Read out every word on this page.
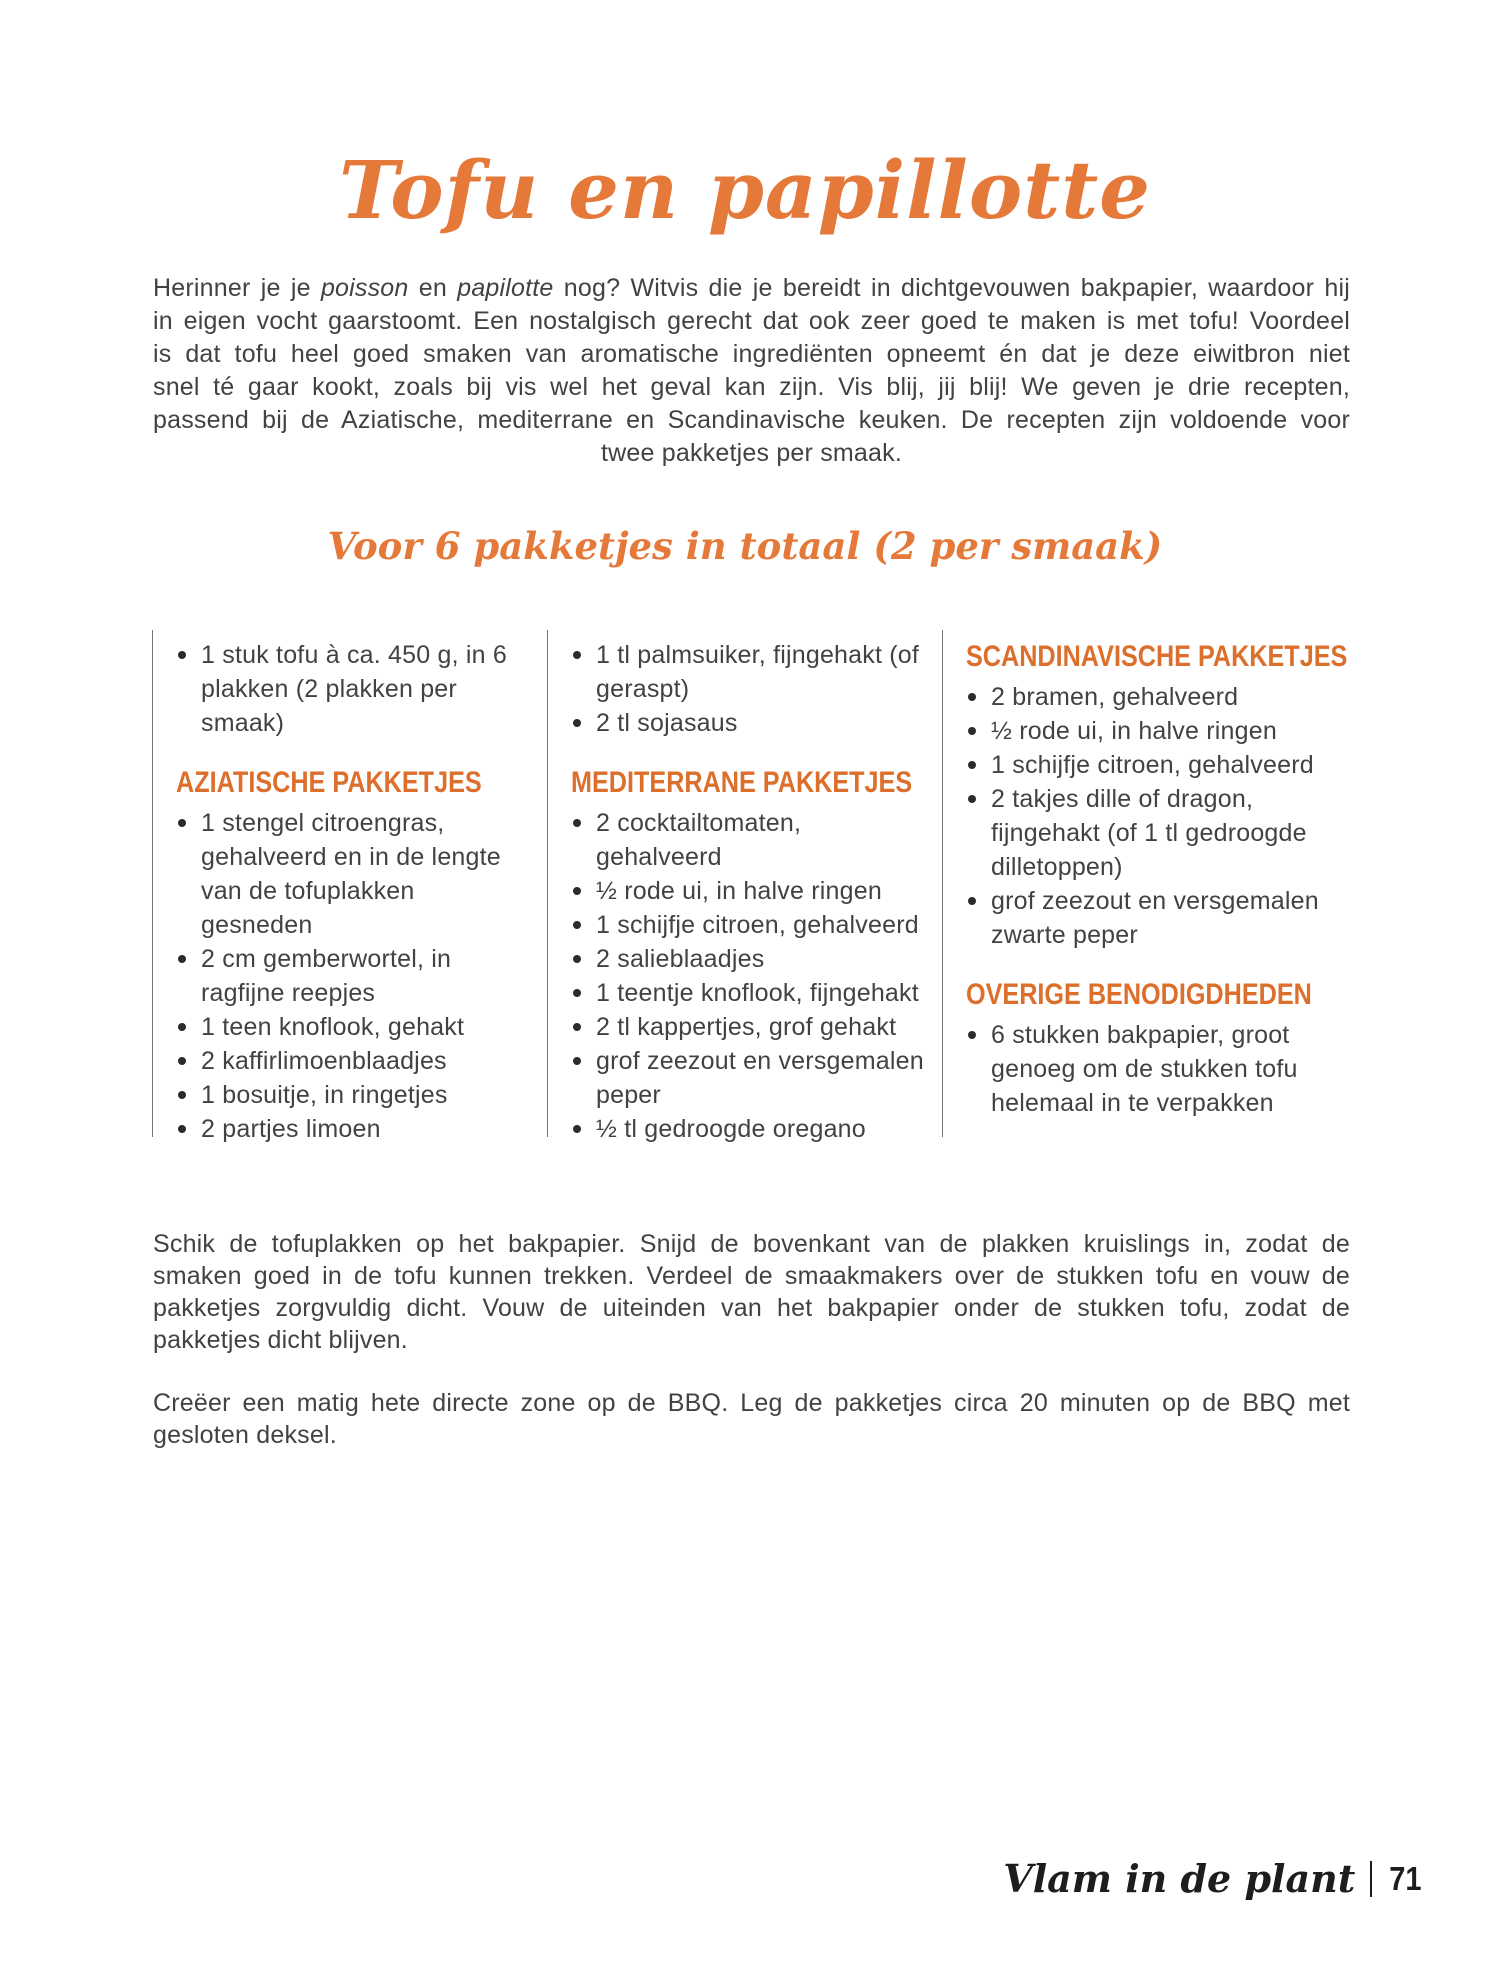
Tofu en papillotte
Herinner je je poisson en papilotte nog? Witvis die je bereidt in dichtgevouwen bakpapier, waardoor hij
in eigen vocht gaarstoomt. Een nostalgisch gerecht dat ook zeer goed te maken is met tofu! Voordeel
is dat tofu heel goed smaken van aromatische ingrediënten opneemt én dat je deze eiwitbron niet
snel té gaar kookt, zoals bij vis wel het geval kan zijn. Vis blij, jij blij! We geven je drie recepten,
passend bij de Aziatische, mediterrane en Scandinavische keuken. De recepten zijn voldoende voor
twee pakketjes per smaak.
Voor 6 pakketjes in totaal (2 per smaak)
1 stuk tofu à ca. 450 g, in 6 plakken (2 plakken per smaak)
AZIATISCHE PAKKETJES
1 stengel citroengras, gehalveerd en in de lengte van de tofuplakken gesneden
2 cm gemberwortel, in ragfijne reepjes
1 teen knoflook, gehakt
2 kaffirlimoenblaadjes
1 bosuitje, in ringetjes
2 partjes limoen
1 tl palmsuiker, fijngehakt (of geraspt)
2 tl sojasaus
MEDITERRANE PAKKETJES
2 cocktailtomaten, gehalveerd
½ rode ui, in halve ringen
1 schijfje citroen, gehalveerd
2 salieblaadjes
1 teentje knoflook, fijngehakt
2 tl kappertjes, grof gehakt
grof zeezout en versgemalen peper
½ tl gedroogde oregano
SCANDINAVISCHE PAKKETJES
2 bramen, gehalveerd
½ rode ui, in halve ringen
1 schijfje citroen, gehalveerd
2 takjes dille of dragon, fijngehakt (of 1 tl gedroogde dilletoppen)
grof zeezout en versgemalen zwarte peper
OVERIGE BENODIGDHEDEN
6 stukken bakpapier, groot genoeg om de stukken tofu helemaal in te verpakken
Schik de tofuplakken op het bakpapier. Snijd de bovenkant van de plakken kruislings in, zodat de
smaken goed in de tofu kunnen trekken. Verdeel de smaakmakers over de stukken tofu en vouw de
pakketjes zorgvuldig dicht. Vouw de uiteinden van het bakpapier onder de stukken tofu, zodat de
pakketjes dicht blijven.
Creëer een matig hete directe zone op de BBQ. Leg de pakketjes circa 20 minuten op de BBQ met
gesloten deksel.
Vlam in de plant 71
